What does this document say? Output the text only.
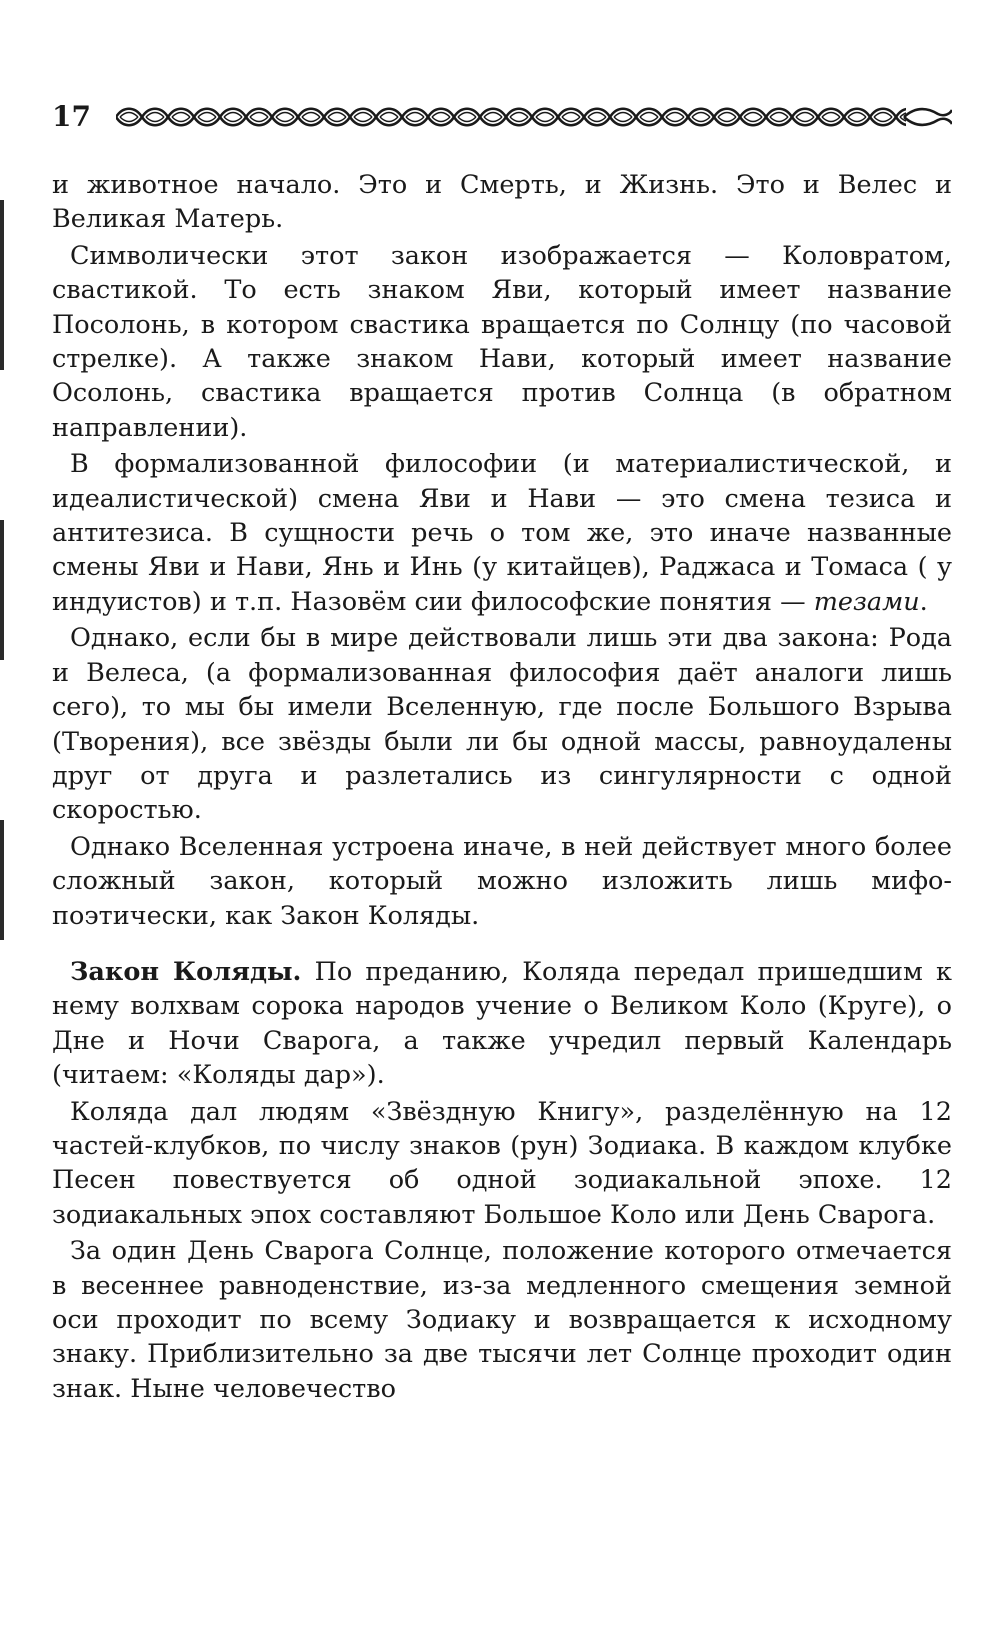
17

и животное начало. Это и Смерть, и Жизнь. Это и Велес и Великая Матерь.

Символически этот закон изображается — Коловратом, свастикой. То есть знаком Яви, который имеет название Посолонь, в котором свастика вращается по Солнцу (по часовой стрелке). А также знаком Нави, который имеет название Осолонь, свастика вращается против Солнца (в обратном направлении).

В формализованной философии (и материалистической, и идеалистической) смена Яви и Нави — это смена тезиса и антитезиса. В сущности речь о том же, это иначе названные смены Яви и Нави, Янь и Инь (у китайцев), Раджаса и Томаса ( у индуистов) и т.п. Назовём сии философские понятия — тезами.

Однако, если бы в мире действовали лишь эти два закона: Рода и Велеса, (а формализованная философия даёт аналоги лишь сего), то мы бы имели Вселенную, где после Большого Взрыва (Творения), все звёзды были ли бы одной массы, равноудалены друг от друга и разлетались из сингулярности с одной скоростью.

Однако Вселенная устроена иначе, в ней действует много более сложный закон, который можно изложить лишь мифо-поэтически, как Закон Коляды.

Закон Коляды. По преданию, Коляда передал пришедшим к нему волхвам сорока народов учение о Великом Коло (Круге), о Дне и Ночи Сварога, а также учредил первый Календарь (читаем: «Коляды дар»).

Коляда дал людям «Звёздную Книгу», разделённую на 12 частей-клубков, по числу знаков (рун) Зодиака. В каждом клубке Песен повествуется об одной зодиакальной эпохе. 12 зодиакальных эпох составляют Большое Коло или День Сварога.

За один День Сварога Солнце, положение которого отмечается в весеннее равноденствие, из-за медленного смещения земной оси проходит по всему Зодиаку и возвращается к исходному знаку. Приблизительно за две тысячи лет Солнце проходит один знак. Ныне человечество
